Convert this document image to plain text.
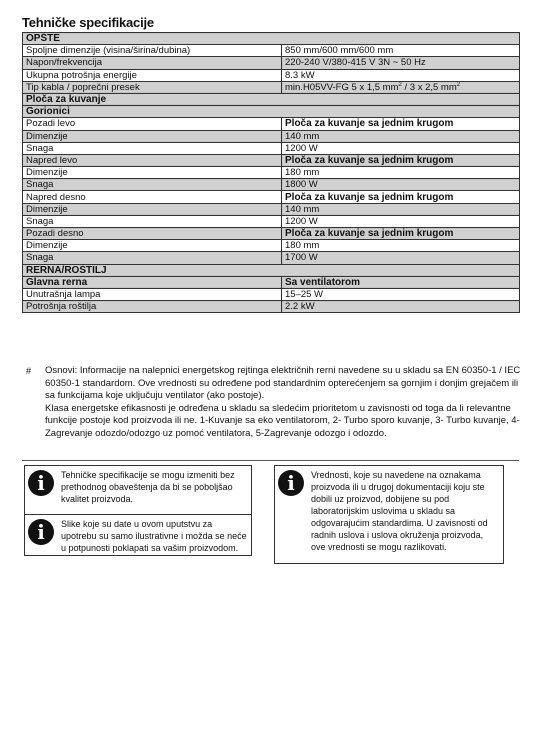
Tehničke specifikacije
OPŠTE	
Spoljne dimenzije (visina/širina/dubina)	850 mm/600 mm/600 mm
Napon/frekvencija	220-240 V/380-415 V 3N ~ 50 Hz
Ukupna potrošnja energije	8.3 kW
Tip kabla / poprečni presek	min.H05VV-FG 5 x 1,5 $mm^2 / 3$ x 2,5 $mm^2$
Ploča za kuvanje	
Gorionici	
Pozadi levo	Ploča za kuvanje sa jednim krugom
Dimenzije	140 mm
Snaga	1200 W
Napred levo	Ploča za kuvanje sa jednim krugom
Dimenzije	180 mm
Snaga	1800 W
Napred desno	Ploča za kuvanje sa jednim krugom
Dimenzije	140 mm
Snaga	1200 W
Pozadi desno	Ploča za kuvanje sa jednim krugom
Dimenzije	180 mm
Snaga	1700 W
RERNA/ROŠTILJ	
Glavna rerna	Sa ventilatorom
Unutrašnja lampa	15–25 W
Potrošnja roštilja	2.2 kW
# Osnovi: Informacije na nalepnici energetskog rejtinga električnih rerni navedene su u skladu sa EN 60350-1 / IEC 60350-1 standardom. Ove vrednosti su određene pod standardnim opterećenjem sa gornjim i donjim grejačem ili sa funkcijama koje uključuju ventilator (ako postoje).

Klasa energetske efikasnosti je određena u skladu sa sledećim prioritetom u zavisnosti od toga da li relevantne funkcije postoje kod proizvoda ili ne. 1-Kuvanje sa eko ventilatorom, 2- Turbo sporo kuvanje, 3- Turbo kuvanje, 4- Zagrevanje odozdo/odozgo uz pomoć ventilatora, 5-Zagrevanje odozgo i odozdo.

i	Tehničke specifikacije se mogu izmeniti bez prethodnog obaveštenja da bi se poboljšao kvalitet proizvoda.
i	Slike koje su date u ovom uputstvu za upotrebu su samo ilustrativne i možda se neće u potpunosti poklapati sa vašim proizvodom.
i	Vrednosti, koje su navedene na oznakama proizvoda ili u drugoj dokumentaciji koju ste dobili uz proizvod, dobijene su pod laboratorijskim uslovima u skladu sa odgovarajućim standardima. U zavisnosti od radnih uslova i uslova okruženja proizvoda, ove vrednosti se mogu razlikovati.
